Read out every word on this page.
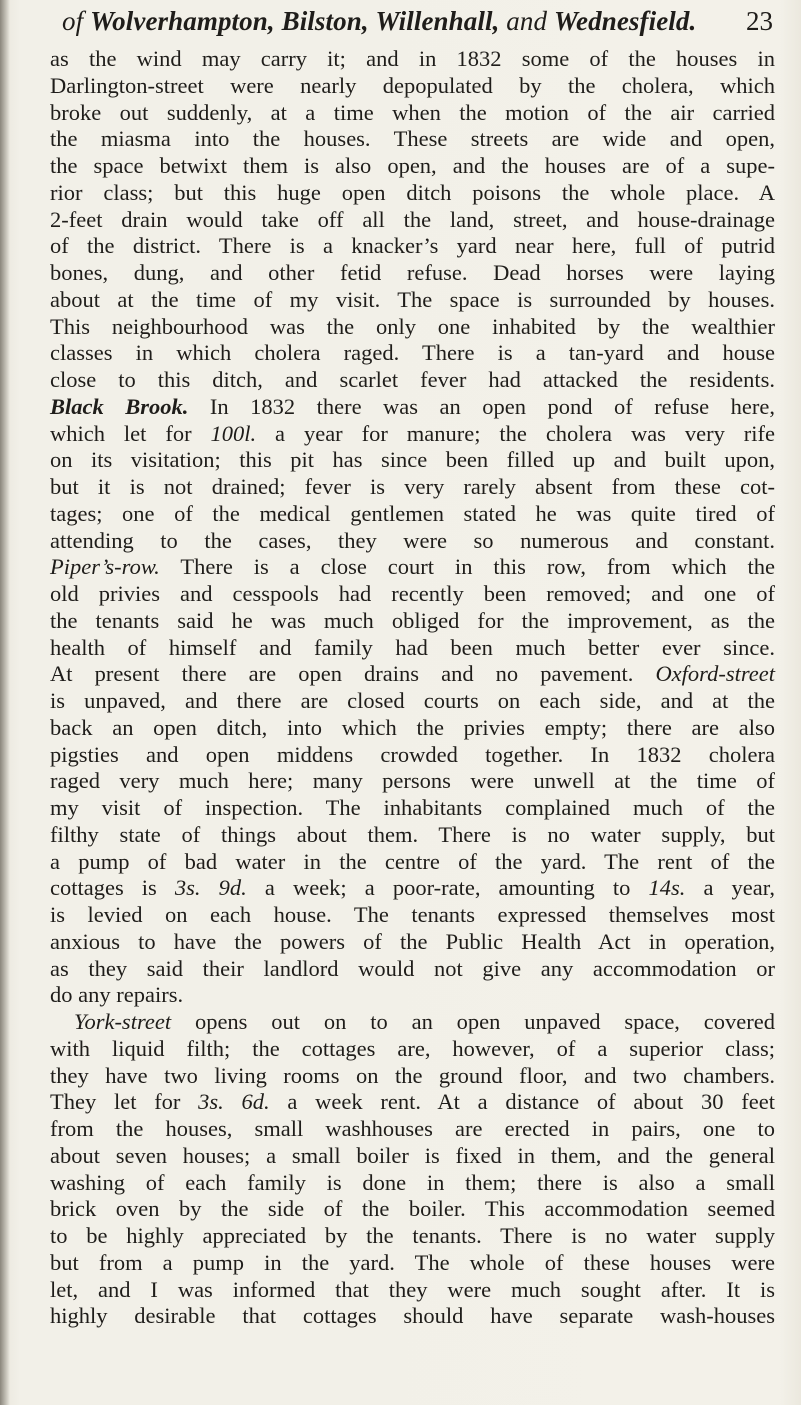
of Wolverhampton, Bilston, Willenhall, and Wednesfield. 23
as the wind may carry it; and in 1832 some of the houses in
Darlington-street were nearly depopulated by the cholera, which
broke out suddenly, at a time when the motion of the air carried
the miasma into the houses. These streets are wide and open,
the space betwixt them is also open, and the houses are of a supe-
rior class; but this huge open ditch poisons the whole place. A
2-feet drain would take off all the land, street, and house-drainage
of the district. There is a knacker’s yard near here, full of putrid
bones, dung, and other fetid refuse. Dead horses were laying
about at the time of my visit. The space is surrounded by houses.
This neighbourhood was the only one inhabited by the wealthier
classes in which cholera raged. There is a tan-yard and house
close to this ditch, and scarlet fever had attacked the residents.
Black Brook. In 1832 there was an open pond of refuse here,
which let for 100l. a year for manure; the cholera was very rife
on its visitation; this pit has since been filled up and built upon,
but it is not drained; fever is very rarely absent from these cot-
tages; one of the medical gentlemen stated he was quite tired of
attending to the cases, they were so numerous and constant.
Piper’s-row. There is a close court in this row, from which the
old privies and cesspools had recently been removed; and one of
the tenants said he was much obliged for the improvement, as the
health of himself and family had been much better ever since.
At present there are open drains and no pavement. Oxford-street
is unpaved, and there are closed courts on each side, and at the
back an open ditch, into which the privies empty; there are also
pigsties and open middens crowded together. In 1832 cholera
raged very much here; many persons were unwell at the time of
my visit of inspection. The inhabitants complained much of the
filthy state of things about them. There is no water supply, but
a pump of bad water in the centre of the yard. The rent of the
cottages is 3s. 9d. a week; a poor-rate, amounting to 14s. a year,
is levied on each house. The tenants expressed themselves most
anxious to have the powers of the Public Health Act in operation,
as they said their landlord would not give any accommodation or
do any repairs.
York-street opens out on to an open unpaved space, covered
with liquid filth; the cottages are, however, of a superior class;
they have two living rooms on the ground floor, and two chambers.
They let for 3s. 6d. a week rent. At a distance of about 30 feet
from the houses, small washhouses are erected in pairs, one to
about seven houses; a small boiler is fixed in them, and the general
washing of each family is done in them; there is also a small
brick oven by the side of the boiler. This accommodation seemed
to be highly appreciated by the tenants. There is no water supply
but from a pump in the yard. The whole of these houses were
let, and I was informed that they were much sought after. It is
highly desirable that cottages should have separate wash-houses
